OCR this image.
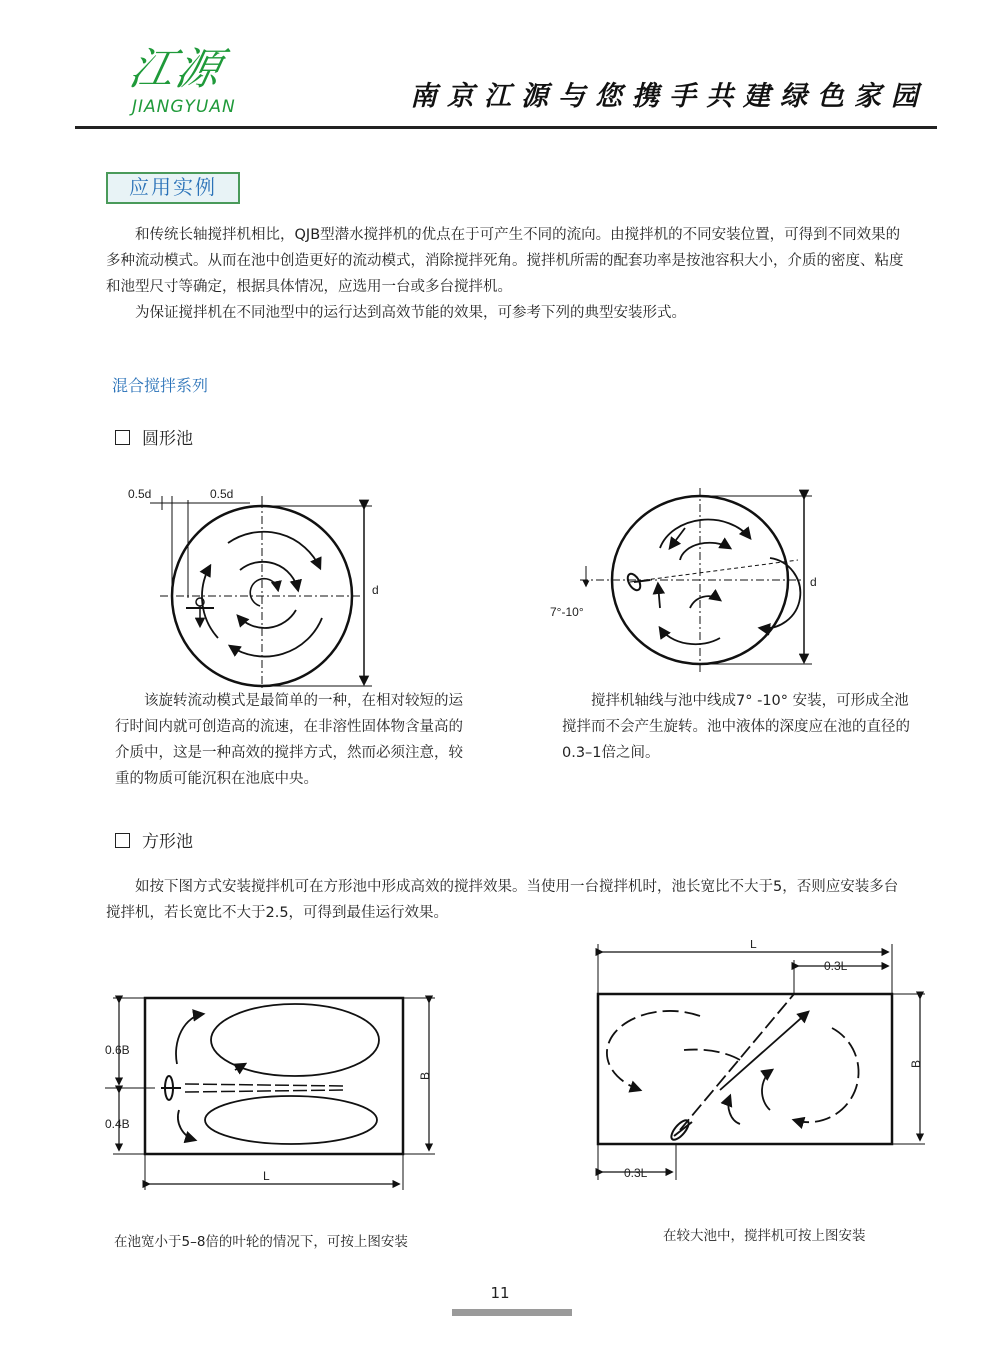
江源
JIANGYUAN	南京江源与您携手共建绿色家园
应用实例

和传统长轴搅拌机相比，QJB型潜水搅拌机的优点在于可产生不同的流向。由搅拌机的不同安装位置，可得到不同效果的多种流动模式。从而在池中创造更好的流动模式，消除搅拌死角。搅拌机所需的配套功率是按池容积大小，介质的密度、粘度和池型尺寸等确定，根据具体情况，应选用一台或多台搅拌机。

为保证搅拌机在不同池型中的运行达到高效节能的效果，可参考下列的典型安装形式。

混合搅拌系列
圆形池
0.5d	0.5d
d
d
7°-10°

该旋转流动模式是最简单的一种，在相对较短的运行时间内就可创造高的流速，在非溶性固体物含量高的介质中，这是一种高效的搅拌方式，然而必须注意，较重的物质可能沉积在池底中央。

搅拌机轴线与池中线成7° -10° 安装，可形成全池搅拌而不会产生旋转。池中液体的深度应在池的直径的0.3–1倍之间。

方形池

如按下图方式安装搅拌机可在方形池中形成高效的搅拌效果。当使用一台搅拌机时，池长宽比不大于5，否则应安装多台搅拌机，若长宽比不大于2.5，可得到最佳运行效果。

0.6B
0.4B
B
L
L
0.3L
0.3L
B
在池宽小于5–8倍的叶轮的情况下，可按上图安装	在较大池中，搅拌机可按上图安装
11
